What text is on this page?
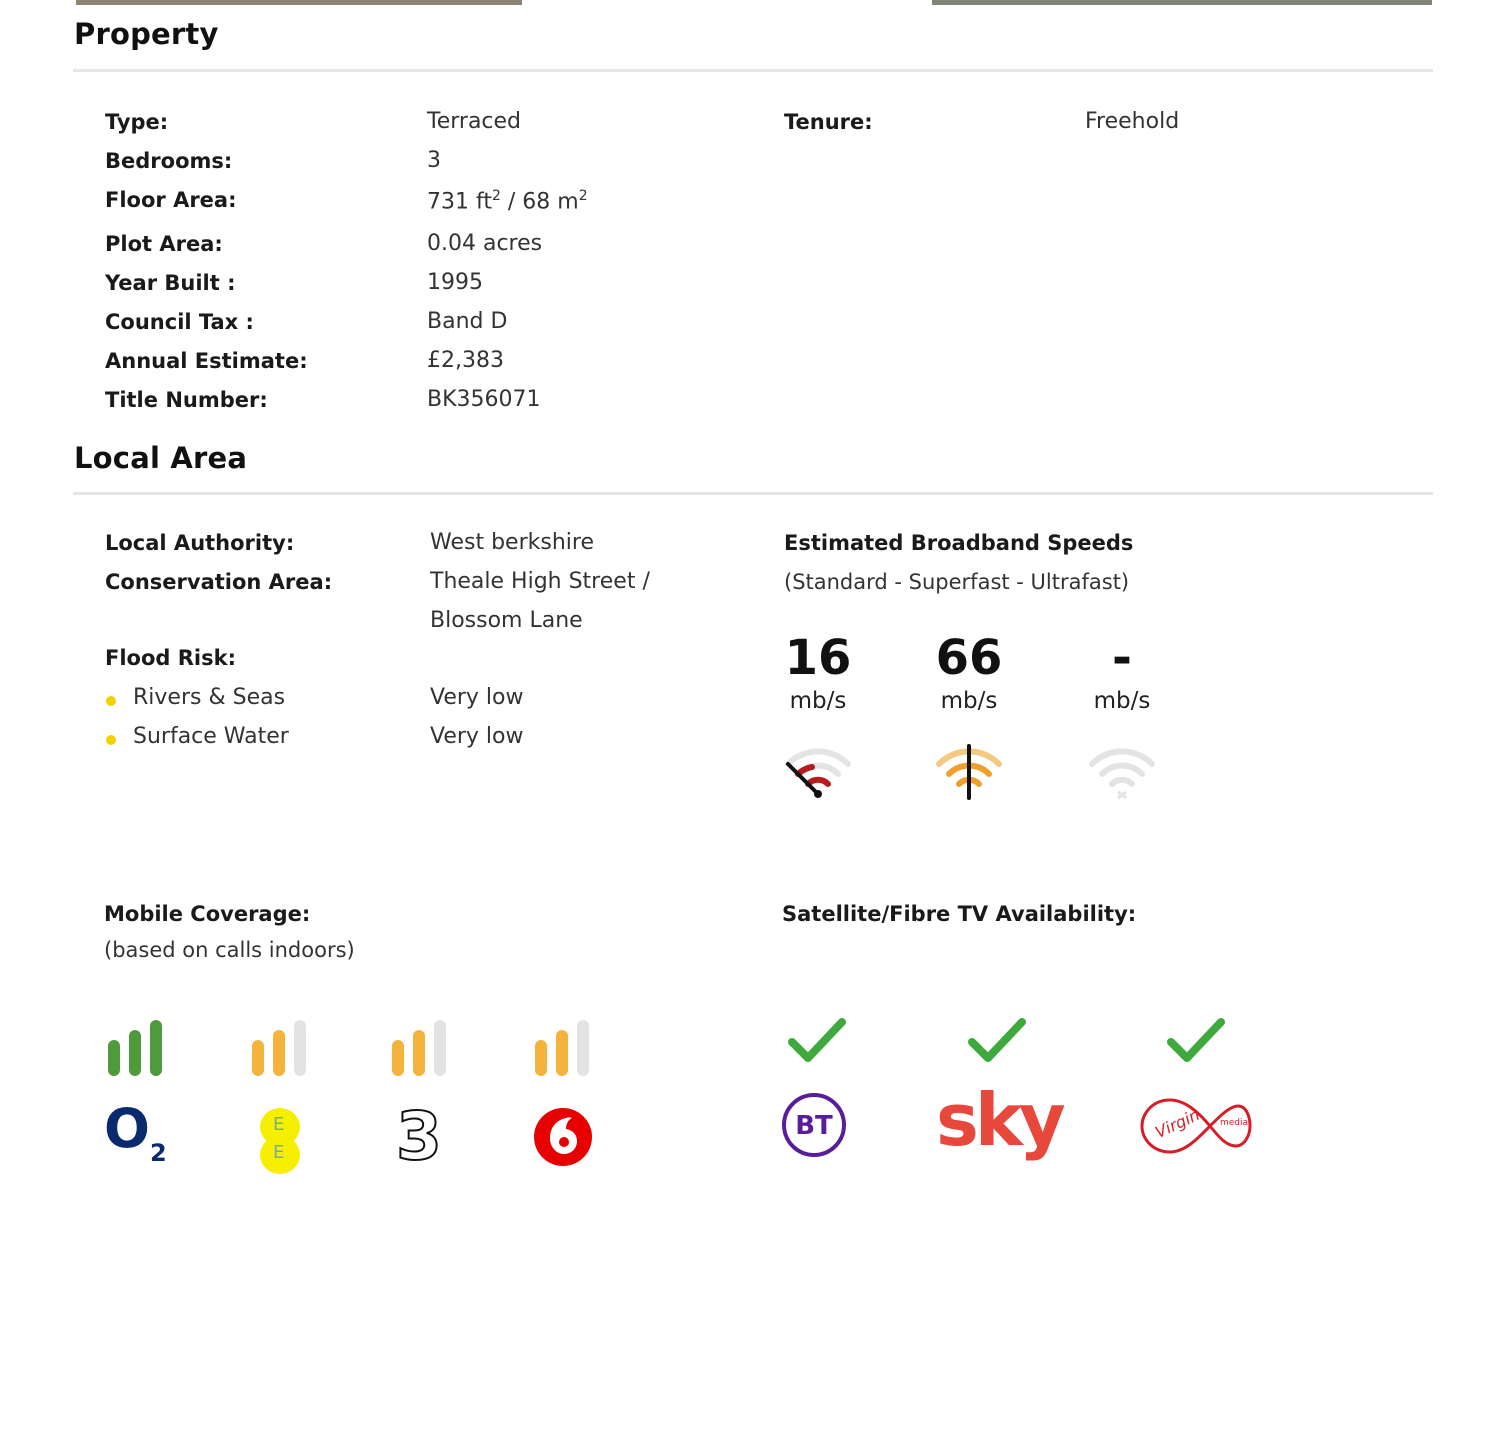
Property
Type:	Terraced
Bedrooms:	3
Floor Area:	731 $ft^2 / 68$ $m^2$
Plot Area:	0.04 acres
Year Built :	1995
Council Tax :	Band D
Annual Estimate:	£2,383
Title Number:	BK356071
Tenure:	Freehold
Local Area
Local Authority:	West berkshire
Conservation Area:	Theale High Street /
Blossom Lane
Flood Risk:
Rivers & Seas	Very low
Surface Water	Very low
Estimated Broadband Speeds
(Standard - Superfast - Ultrafast)
16
mb/s
66
mb/s
-
mb/s
Mobile Coverage:
(based on calls indoors)
O 2
E
E 3
Satellite/Fibre TV Availability:
BT sky	Virgin media
